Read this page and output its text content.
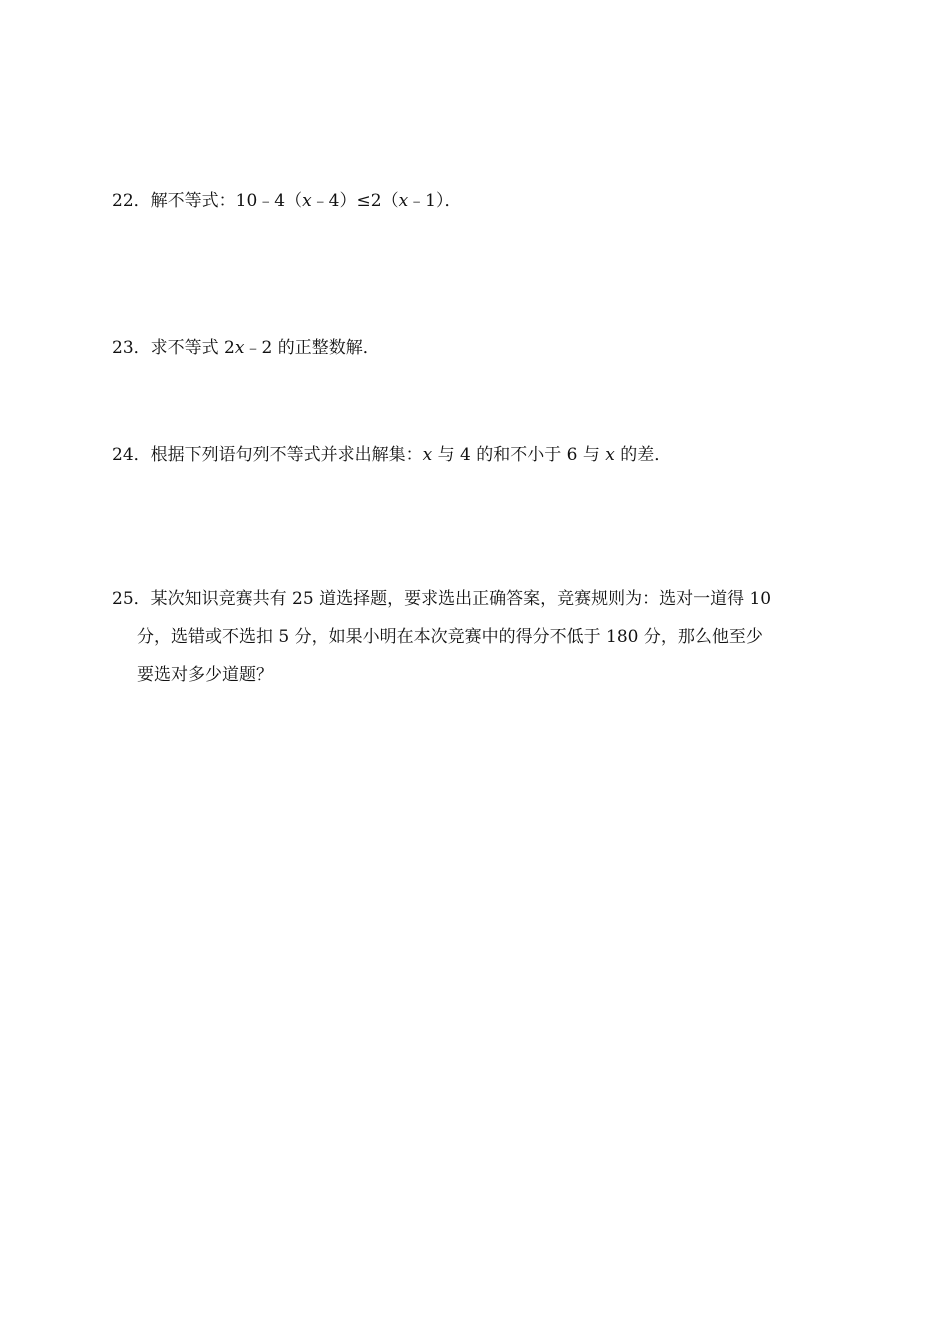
22．解不等式：10﹣4（x﹣4）≤2（x﹣1）．
23．求不等式 2x﹣2 的正整数解．
24．根据下列语句列不等式并求出解集：x 与 4 的和不小于 6 与 x 的差．
25．某次知识竞赛共有 25 道选择题，要求选出正确答案，竞赛规则为：选对一道得 10
分，选错或不选扣 5 分，如果小明在本次竞赛中的得分不低于 180 分，那么他至少
要选对多少道题？
